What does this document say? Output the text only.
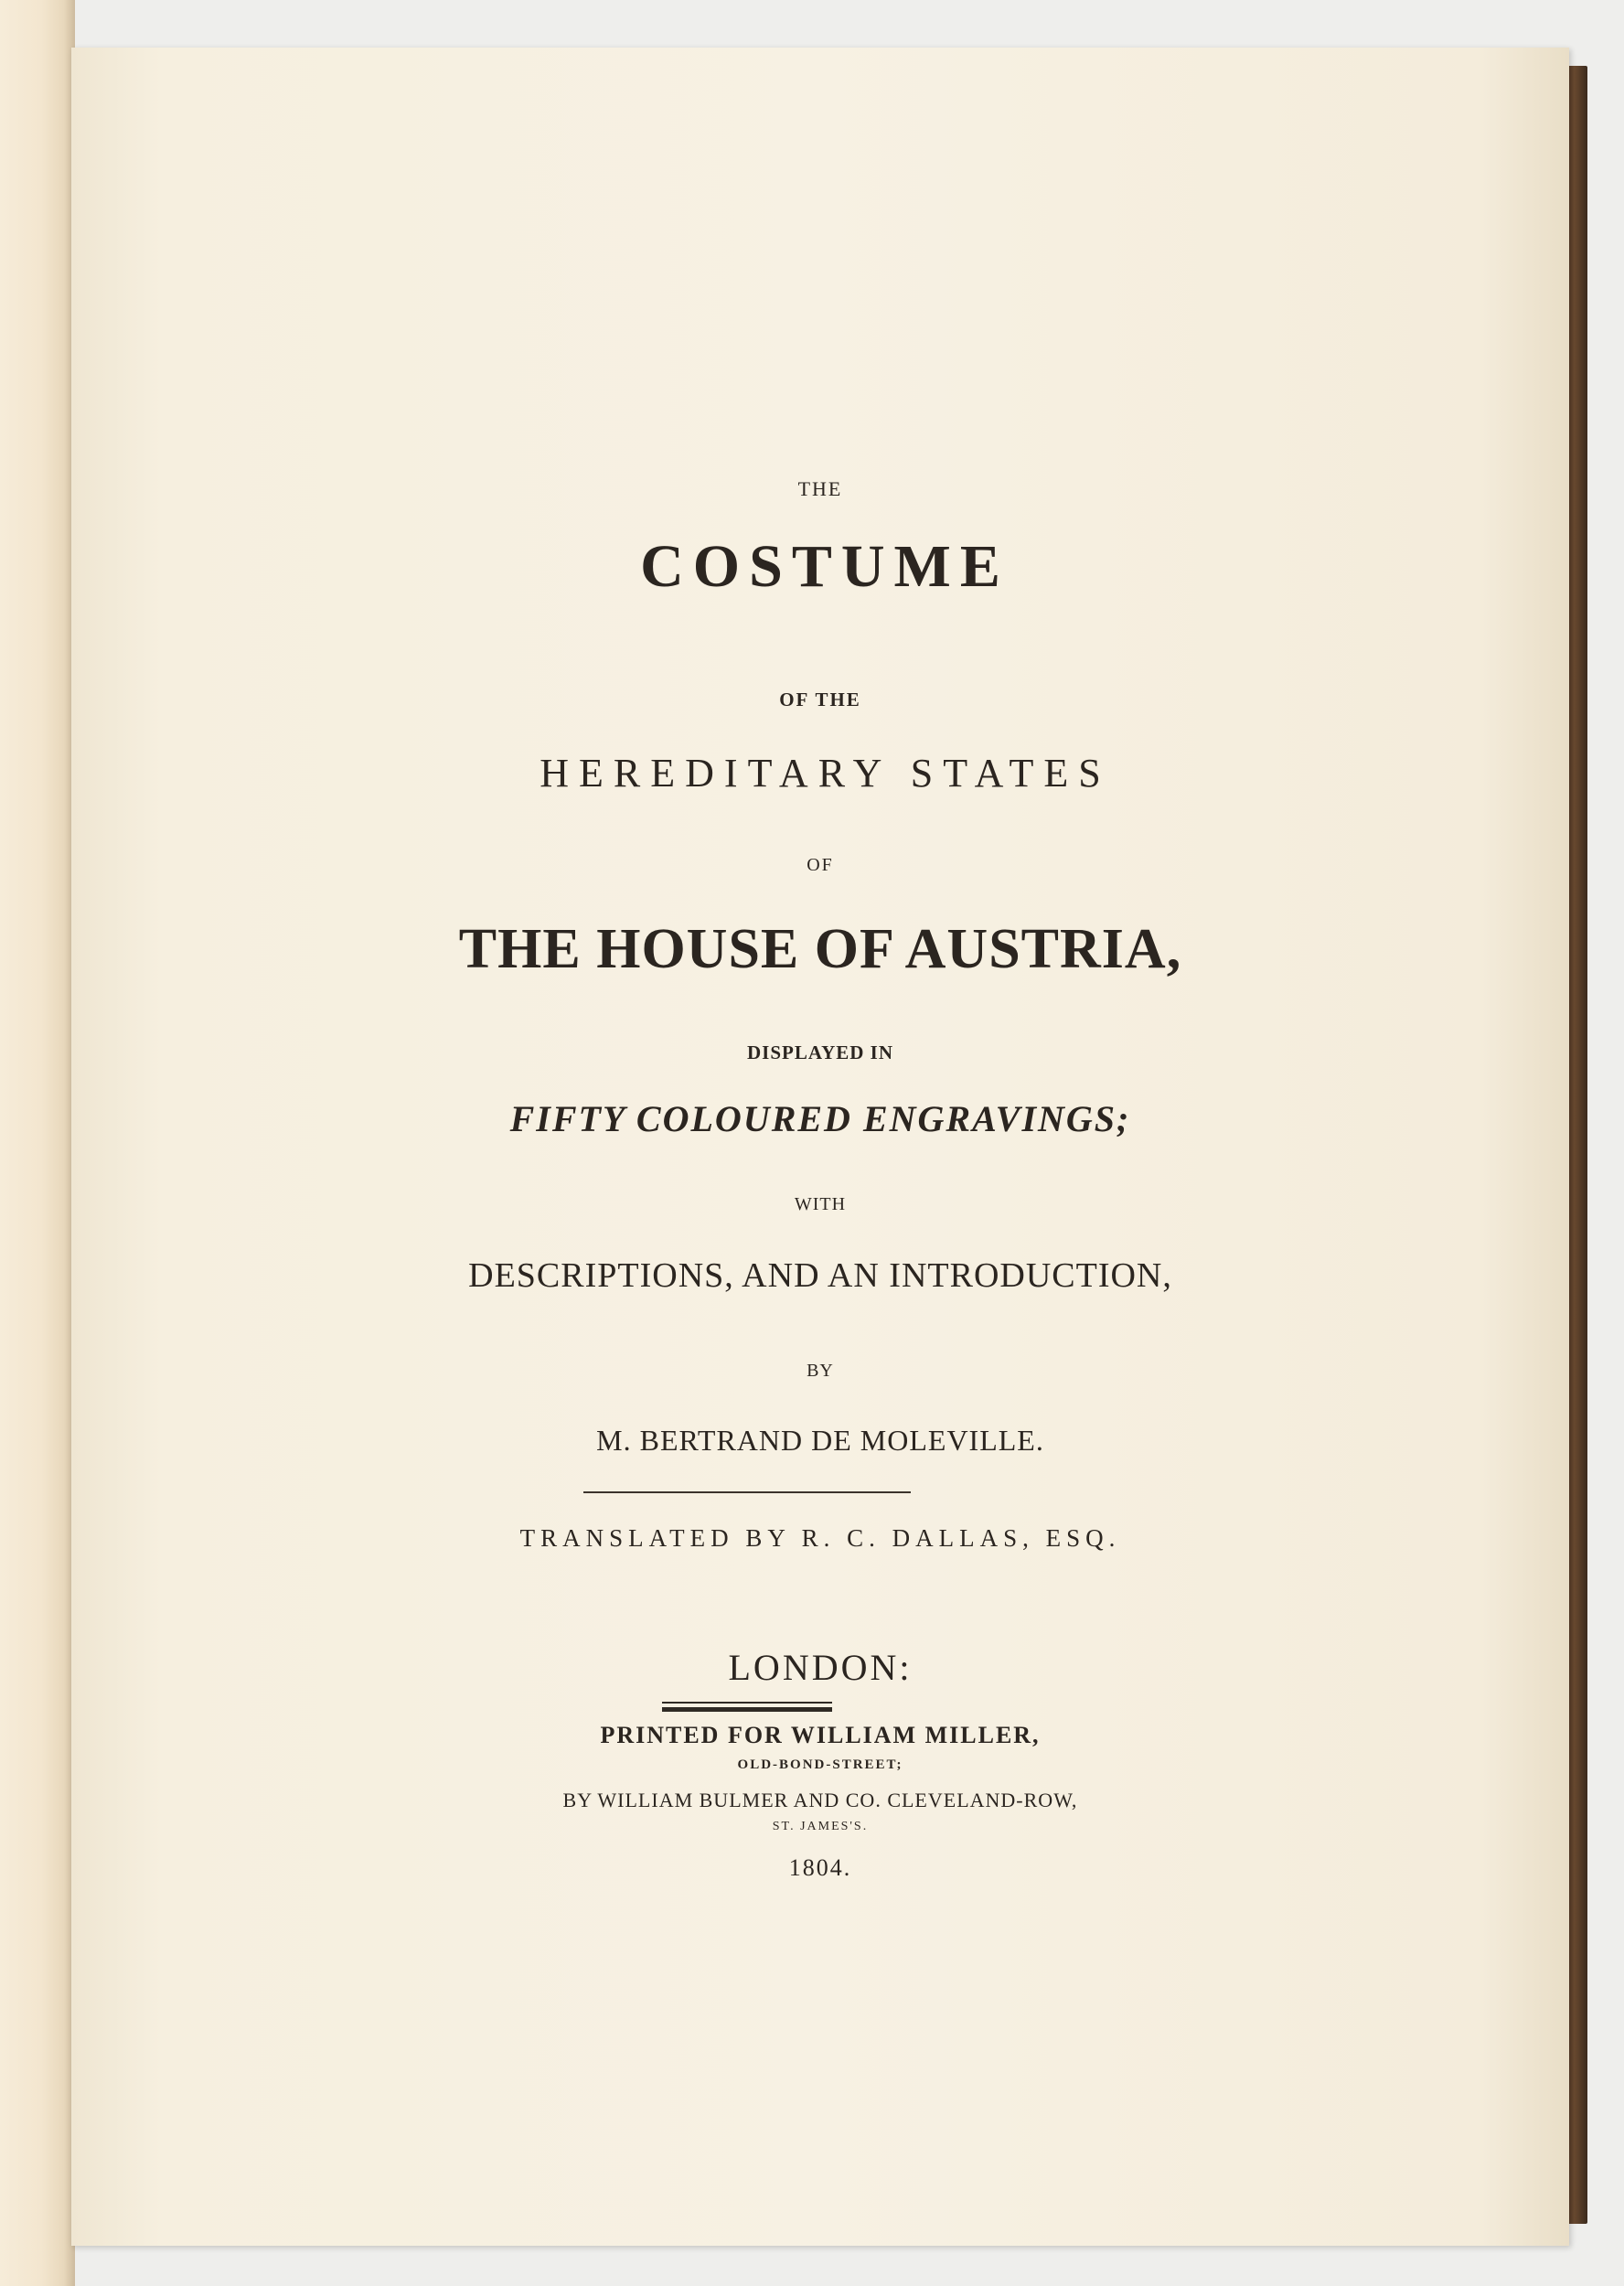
THE

COSTUME

OF THE

HEREDITARY STATES

OF

THE HOUSE OF AUSTRIA,

DISPLAYED IN

FIFTY COLOURED ENGRAVINGS;

WITH

DESCRIPTIONS, AND AN INTRODUCTION,

BY

M. BERTRAND DE MOLEVILLE.

TRANSLATED BY R. C. DALLAS, ESQ.

LONDON:

PRINTED FOR WILLIAM MILLER,

OLD-BOND-STREET;

BY WILLIAM BULMER AND CO. CLEVELAND-ROW,

ST. JAMES'S.

1804.
